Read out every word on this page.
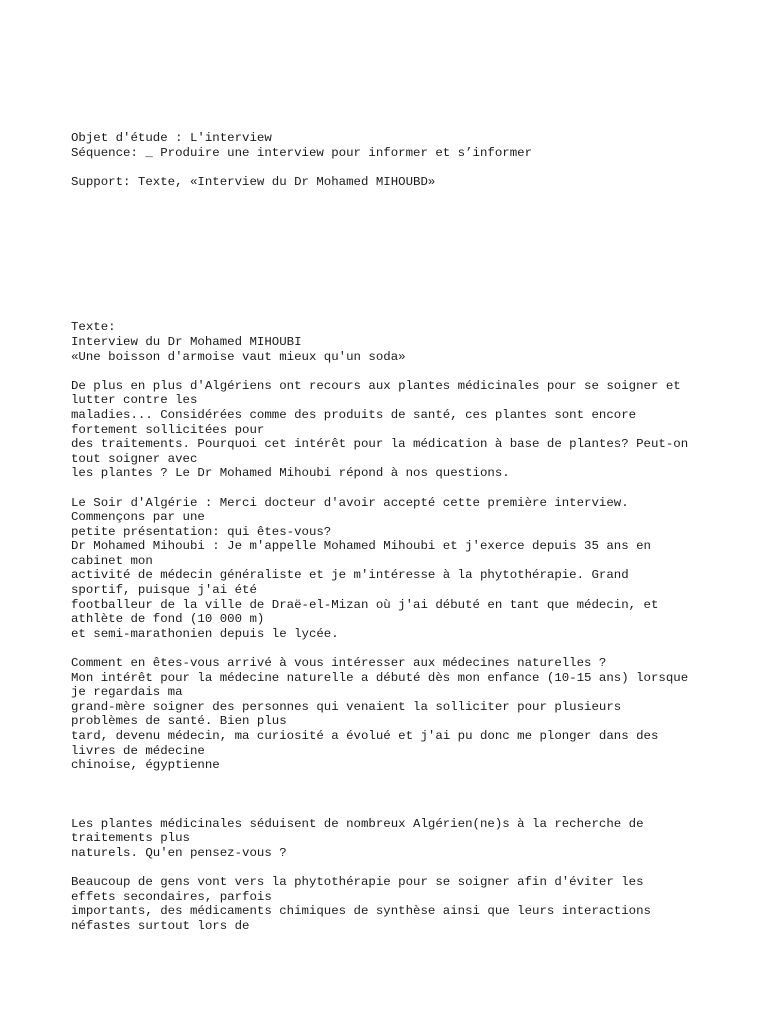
Objet d'étude : L'interview
Séquence: _ Produire une interview pour informer et s’informer
Support: Texte, «Interview du Dr Mohamed MIHOUBD»
Texte:
Interview du Dr Mohamed MIHOUBI
«Une boisson d'armoise vaut mieux qu'un soda»
De plus en plus d'Algériens ont recours aux plantes médicinales pour se soigner et
lutter contre les
maladies... Considérées comme des produits de santé, ces plantes sont encore
fortement sollicitées pour
des traitements. Pourquoi cet intérêt pour la médication à base de plantes? Peut-on
tout soigner avec
les plantes ? Le Dr Mohamed Mihoubi répond à nos questions.
Le Soir d'Algérie : Merci docteur d'avoir accepté cette première interview.
Commençons par une
petite présentation: qui êtes-vous?
Dr Mohamed Mihoubi : Je m'appelle Mohamed Mihoubi et j'exerce depuis 35 ans en
cabinet mon
activité de médecin généraliste et je m'intéresse à la phytothérapie. Grand
sportif, puisque j'ai été
footballeur de la ville de Draë-el-Mizan où j'ai débuté en tant que médecin, et
athlète de fond (10 000 m)
et semi-marathonien depuis le lycée.
Comment en êtes-vous arrivé à vous intéresser aux médecines naturelles ?
Mon intérêt pour la médecine naturelle a débuté dès mon enfance (10-15 ans) lorsque
je regardais ma
grand-mère soigner des personnes qui venaient la solliciter pour plusieurs
problèmes de santé. Bien plus
tard, devenu médecin, ma curiosité a évolué et j'ai pu donc me plonger dans des
livres de médecine
chinoise, égyptienne
Les plantes médicinales séduisent de nombreux Algérien(ne)s à la recherche de
traitements plus
naturels. Qu'en pensez-vous ?
Beaucoup de gens vont vers la phytothérapie pour se soigner afin d'éviter les
effets secondaires, parfois
importants, des médicaments chimiques de synthèse ainsi que leurs interactions
néfastes surtout lors de
